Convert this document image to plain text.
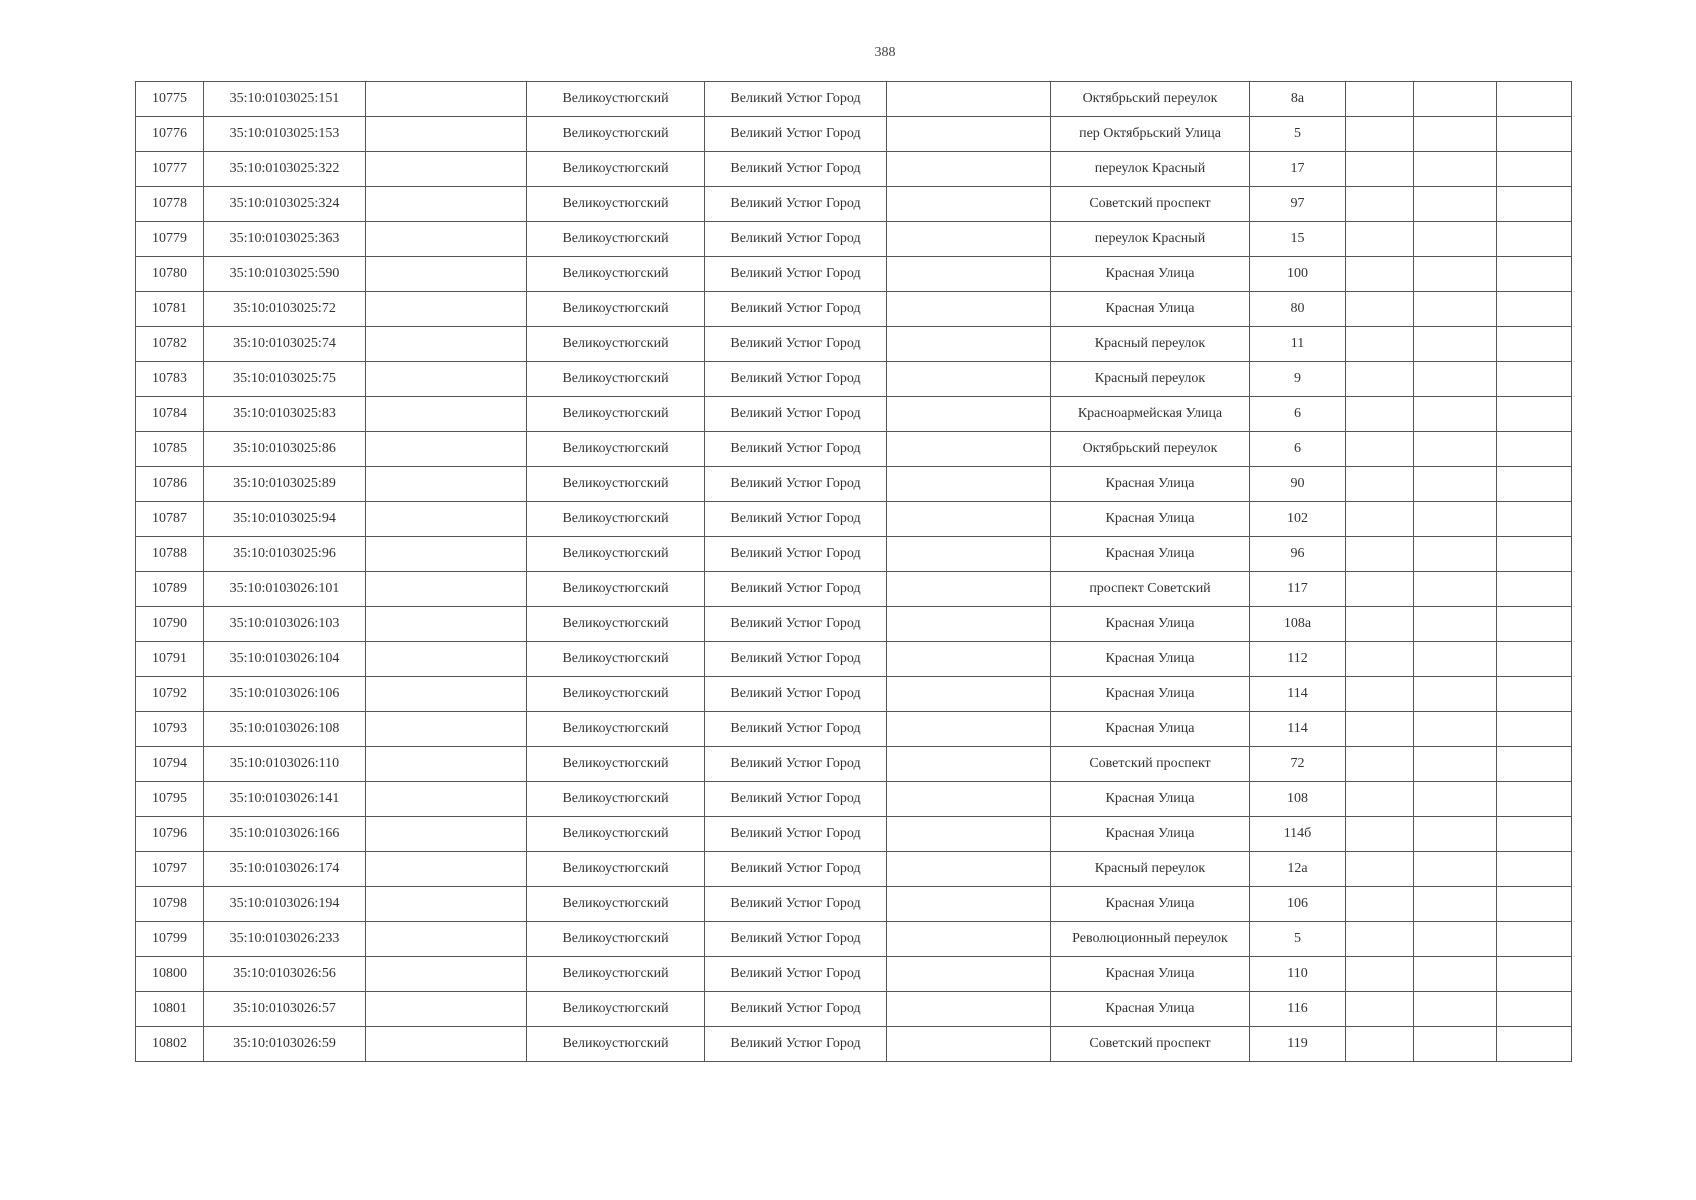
388
10775	35:10:0103025:151		Великоустюгский	Великий Устюг Город		Октябрьский переулок	8а			
10776	35:10:0103025:153		Великоустюгский	Великий Устюг Город		пер Октябрьский Улица	5			
10777	35:10:0103025:322		Великоустюгский	Великий Устюг Город		переулок Красный	17			
10778	35:10:0103025:324		Великоустюгский	Великий Устюг Город		Советский проспект	97			
10779	35:10:0103025:363		Великоустюгский	Великий Устюг Город		переулок Красный	15			
10780	35:10:0103025:590		Великоустюгский	Великий Устюг Город		Красная Улица	100			
10781	35:10:0103025:72		Великоустюгский	Великий Устюг Город		Красная Улица	80			
10782	35:10:0103025:74		Великоустюгский	Великий Устюг Город		Красный переулок	11			
10783	35:10:0103025:75		Великоустюгский	Великий Устюг Город		Красный переулок	9			
10784	35:10:0103025:83		Великоустюгский	Великий Устюг Город		Красноармейская Улица	6			
10785	35:10:0103025:86		Великоустюгский	Великий Устюг Город		Октябрьский переулок	6			
10786	35:10:0103025:89		Великоустюгский	Великий Устюг Город		Красная Улица	90			
10787	35:10:0103025:94		Великоустюгский	Великий Устюг Город		Красная Улица	102			
10788	35:10:0103025:96		Великоустюгский	Великий Устюг Город		Красная Улица	96			
10789	35:10:0103026:101		Великоустюгский	Великий Устюг Город		проспект Советский	117			
10790	35:10:0103026:103		Великоустюгский	Великий Устюг Город		Красная Улица	108а			
10791	35:10:0103026:104		Великоустюгский	Великий Устюг Город		Красная Улица	112			
10792	35:10:0103026:106		Великоустюгский	Великий Устюг Город		Красная Улица	114			
10793	35:10:0103026:108		Великоустюгский	Великий Устюг Город		Красная Улица	114			
10794	35:10:0103026:110		Великоустюгский	Великий Устюг Город		Советский проспект	72			
10795	35:10:0103026:141		Великоустюгский	Великий Устюг Город		Красная Улица	108			
10796	35:10:0103026:166		Великоустюгский	Великий Устюг Город		Красная Улица	114б			
10797	35:10:0103026:174		Великоустюгский	Великий Устюг Город		Красный переулок	12а			
10798	35:10:0103026:194		Великоустюгский	Великий Устюг Город		Красная Улица	106			
10799	35:10:0103026:233		Великоустюгский	Великий Устюг Город		Революционный переулок	5			
10800	35:10:0103026:56		Великоустюгский	Великий Устюг Город		Красная Улица	110			
10801	35:10:0103026:57		Великоустюгский	Великий Устюг Город		Красная Улица	116			
10802	35:10:0103026:59		Великоустюгский	Великий Устюг Город		Советский проспект	119			
